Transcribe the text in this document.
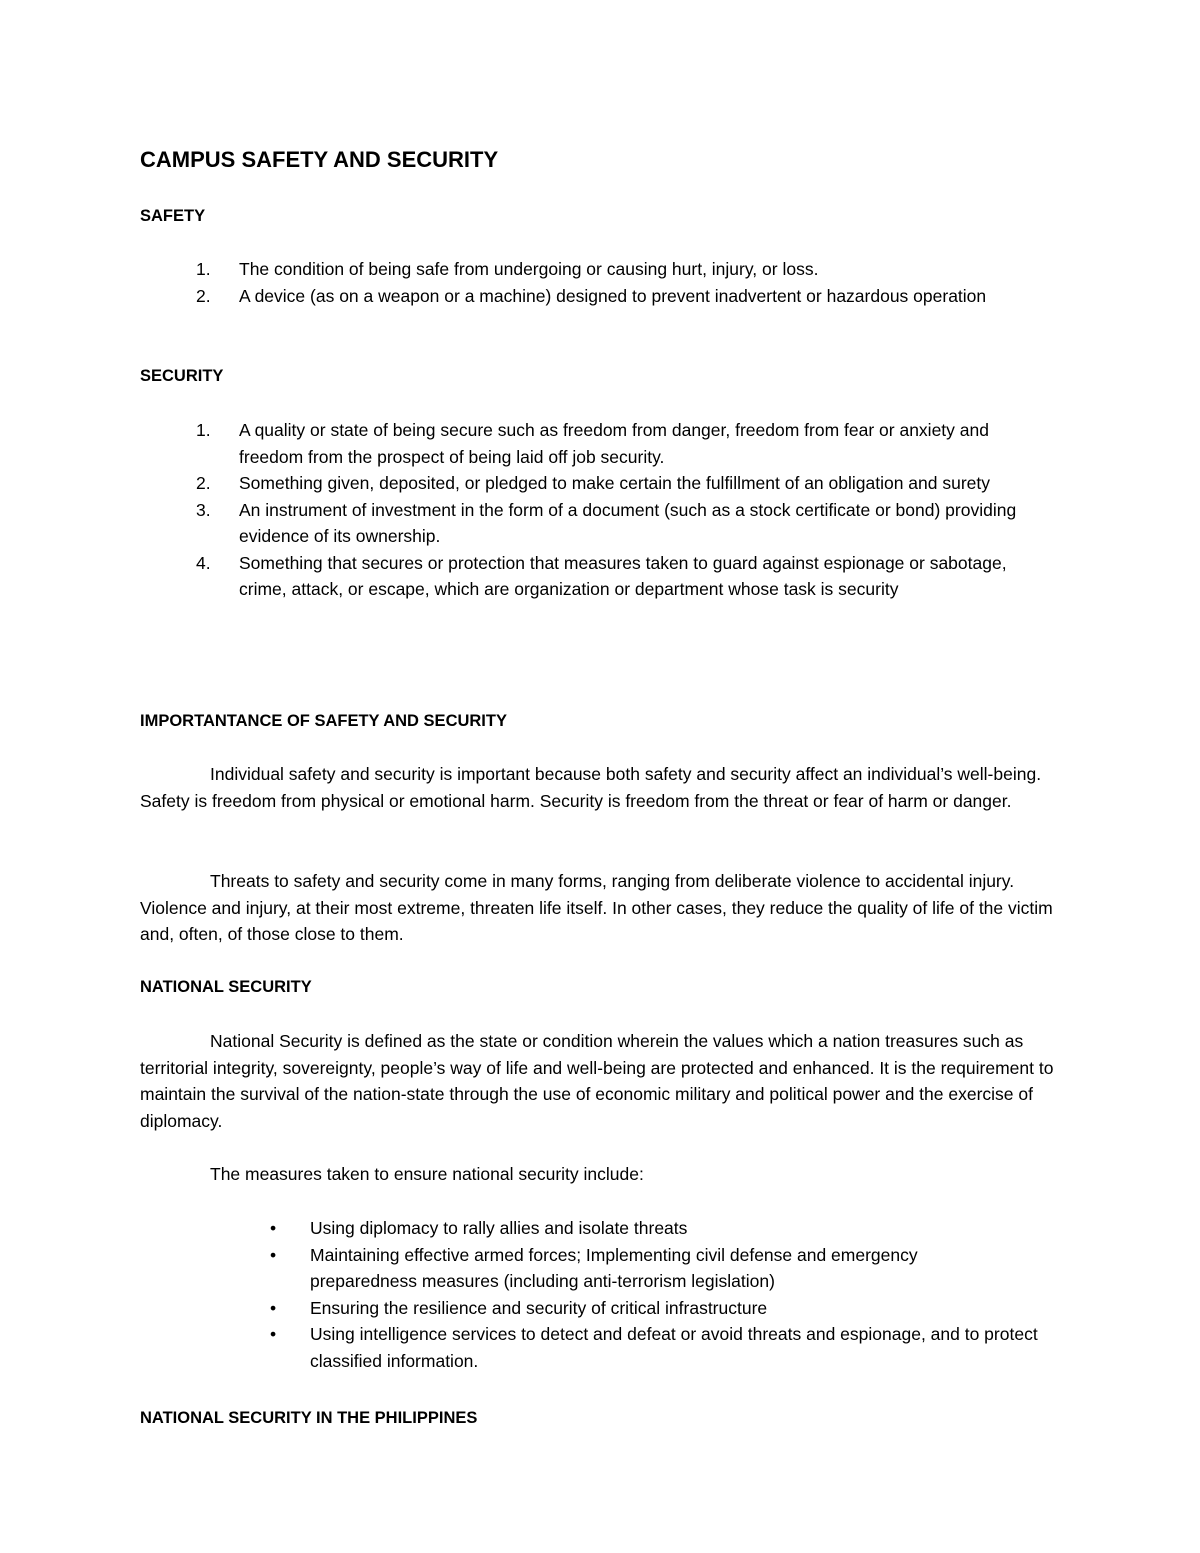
CAMPUS SAFETY AND SECURITY
SAFETY
1. The condition of being safe from undergoing or causing hurt, injury, or loss.
2. A device (as on a weapon or a machine) designed to prevent inadvertent or hazardous operation
SECURITY
1. A quality or state of being secure such as freedom from danger, freedom from fear or anxiety and freedom from the prospect of being laid off job security.
2. Something given, deposited, or pledged to make certain the fulfillment of an obligation and surety
3. An instrument of investment in the form of a document (such as a stock certificate or bond) providing evidence of its ownership.
4. Something that secures or protection that measures taken to guard against espionage or sabotage, crime, attack, or escape, which are organization or department whose task is security
IMPORTANTANCE OF SAFETY AND SECURITY

Individual safety and security is important because both safety and security affect an individual’s well-being. Safety is freedom from physical or emotional harm. Security is freedom from the threat or fear of harm or danger.

Threats to safety and security come in many forms, ranging from deliberate violence to accidental injury. Violence and injury, at their most extreme, threaten life itself. In other cases, they reduce the quality of life of the victim and, often, of those close to them.

NATIONAL SECURITY

National Security is defined as the state or condition wherein the values which a nation treasures such as territorial integrity, sovereignty, people’s way of life and well-being are protected and enhanced. It is the requirement to maintain the survival of the nation-state through the use of economic military and political power and the exercise of diplomacy.

The measures taken to ensure national security include:

• Using diplomacy to rally allies and isolate threats
• Maintaining effective armed forces; Implementing civil defense and emergency preparedness measures (including anti-terrorism legislation)
• Ensuring the resilience and security of critical infrastructure
• Using intelligence services to detect and defeat or avoid threats and espionage, and to protect classified information.
NATIONAL SECURITY IN THE PHILIPPINES
